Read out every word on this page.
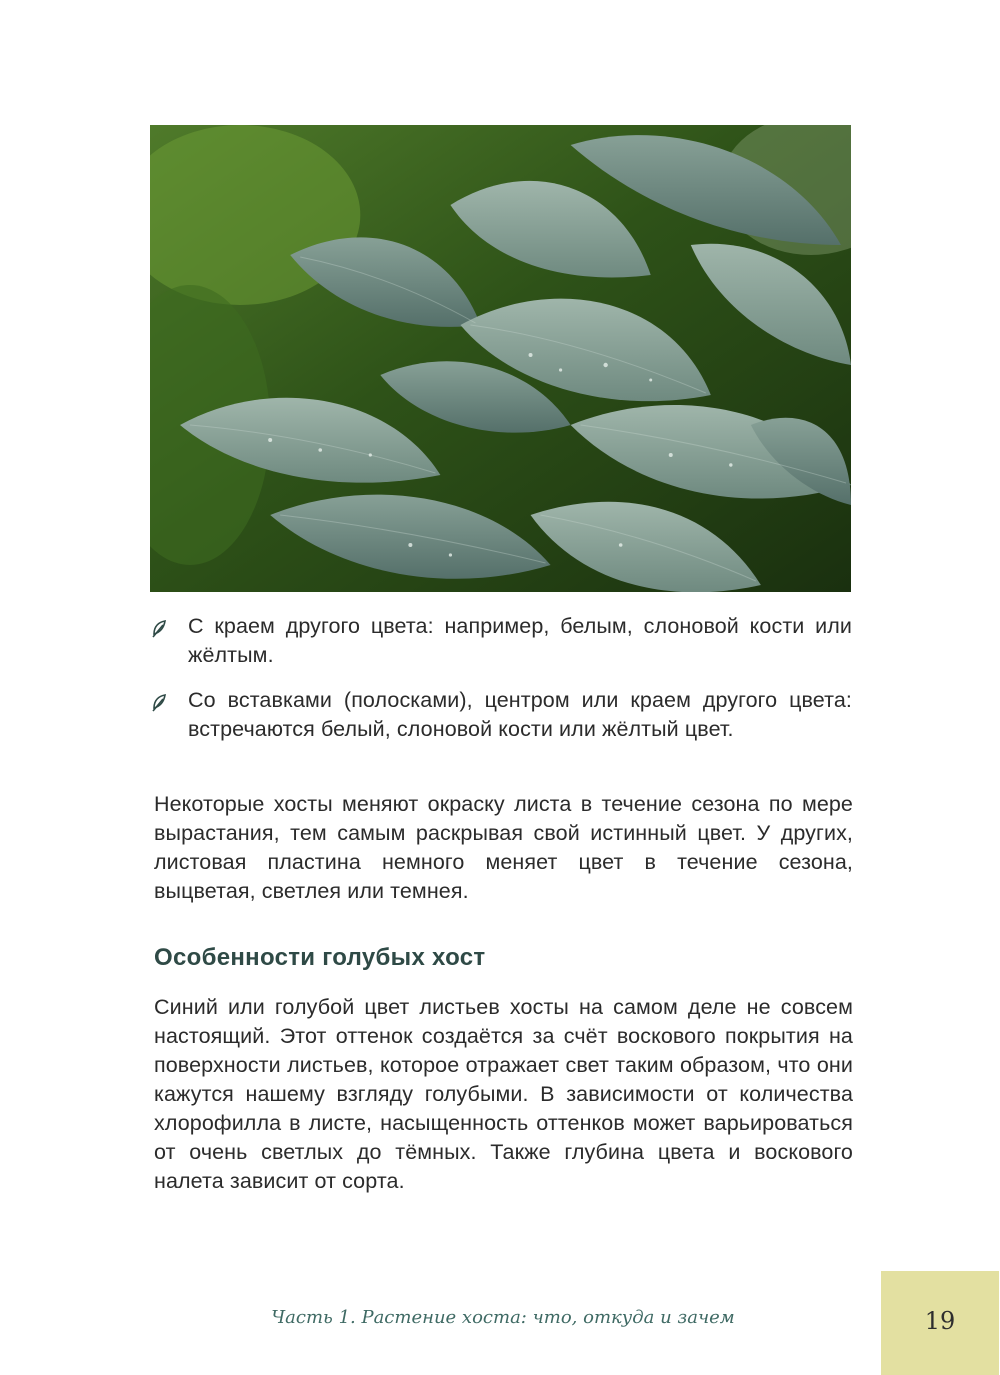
С краем другого цвета: например, белым, слоновой кости или жёлтым.
Со вставками (полосками), центром или краем другого цвета: встречаются белый, слоновой кости или жёлтый цвет.
Некоторые хосты меняют окраску листа в течение сезона по мере вырастания, тем самым раскрывая свой истинный цвет. У других, листовая пластина немного меняет цвет в течение сезона, выцветая, светлея или темнея.
Особенности голубых хост
Синий или голубой цвет листьев хосты на самом деле не совсем настоящий. Этот оттенок создаётся за счёт воскового покрытия на поверхности листьев, которое отражает свет таким образом, что они кажутся нашему взгляду голубыми. В зависимости от количества хлорофилла в листе, насыщенность оттенков может варьироваться от очень светлых до тёмных. Также глубина цвета и воскового налета зависит от сорта.
Часть 1. Растение хоста: что, откуда и зачем	19
